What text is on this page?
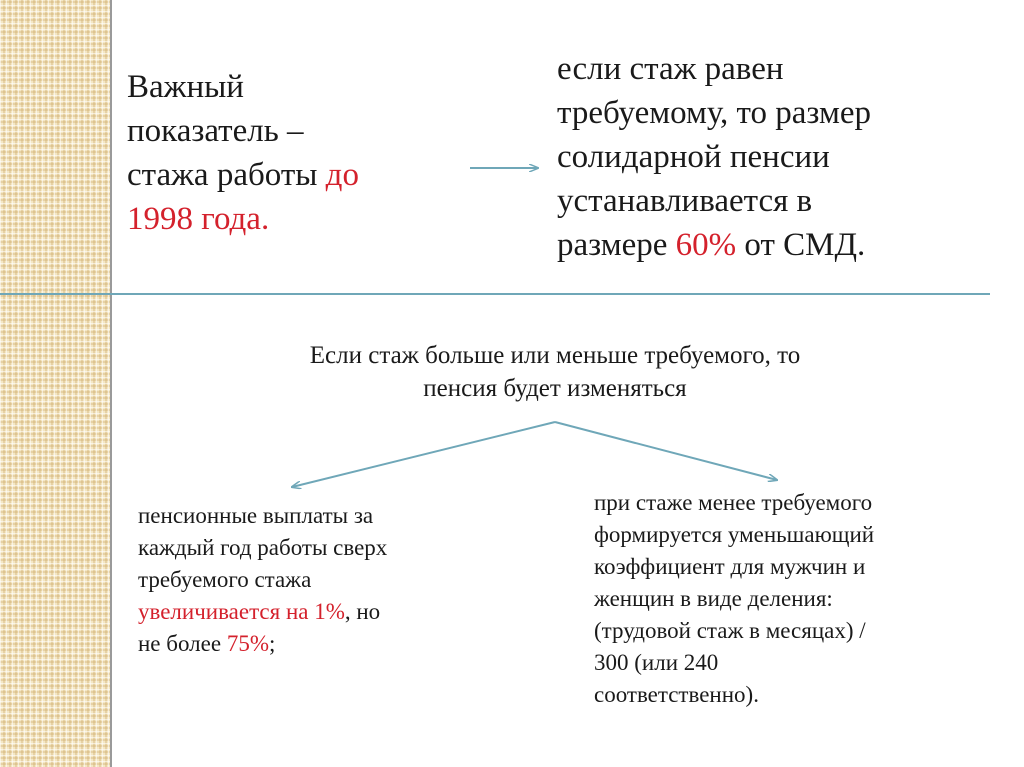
Важный
показатель –
стажа работы до
1998 года.
если стаж равен
требуемому, то размер
солидарной пенсии
устанавливается в
размере 60% от СМД.
Если стаж больше или меньше требуемого, то
пенсия будет изменяться
пенсионные выплаты за
каждый год работы сверх
требуемого стажа
увеличивается на 1%, но
не более 75%;
при стаже менее требуемого
формируется уменьшающий
коэффициент для мужчин и
женщин в виде деления:
(трудовой стаж в месяцах) /
300 (или 240
соответственно).
